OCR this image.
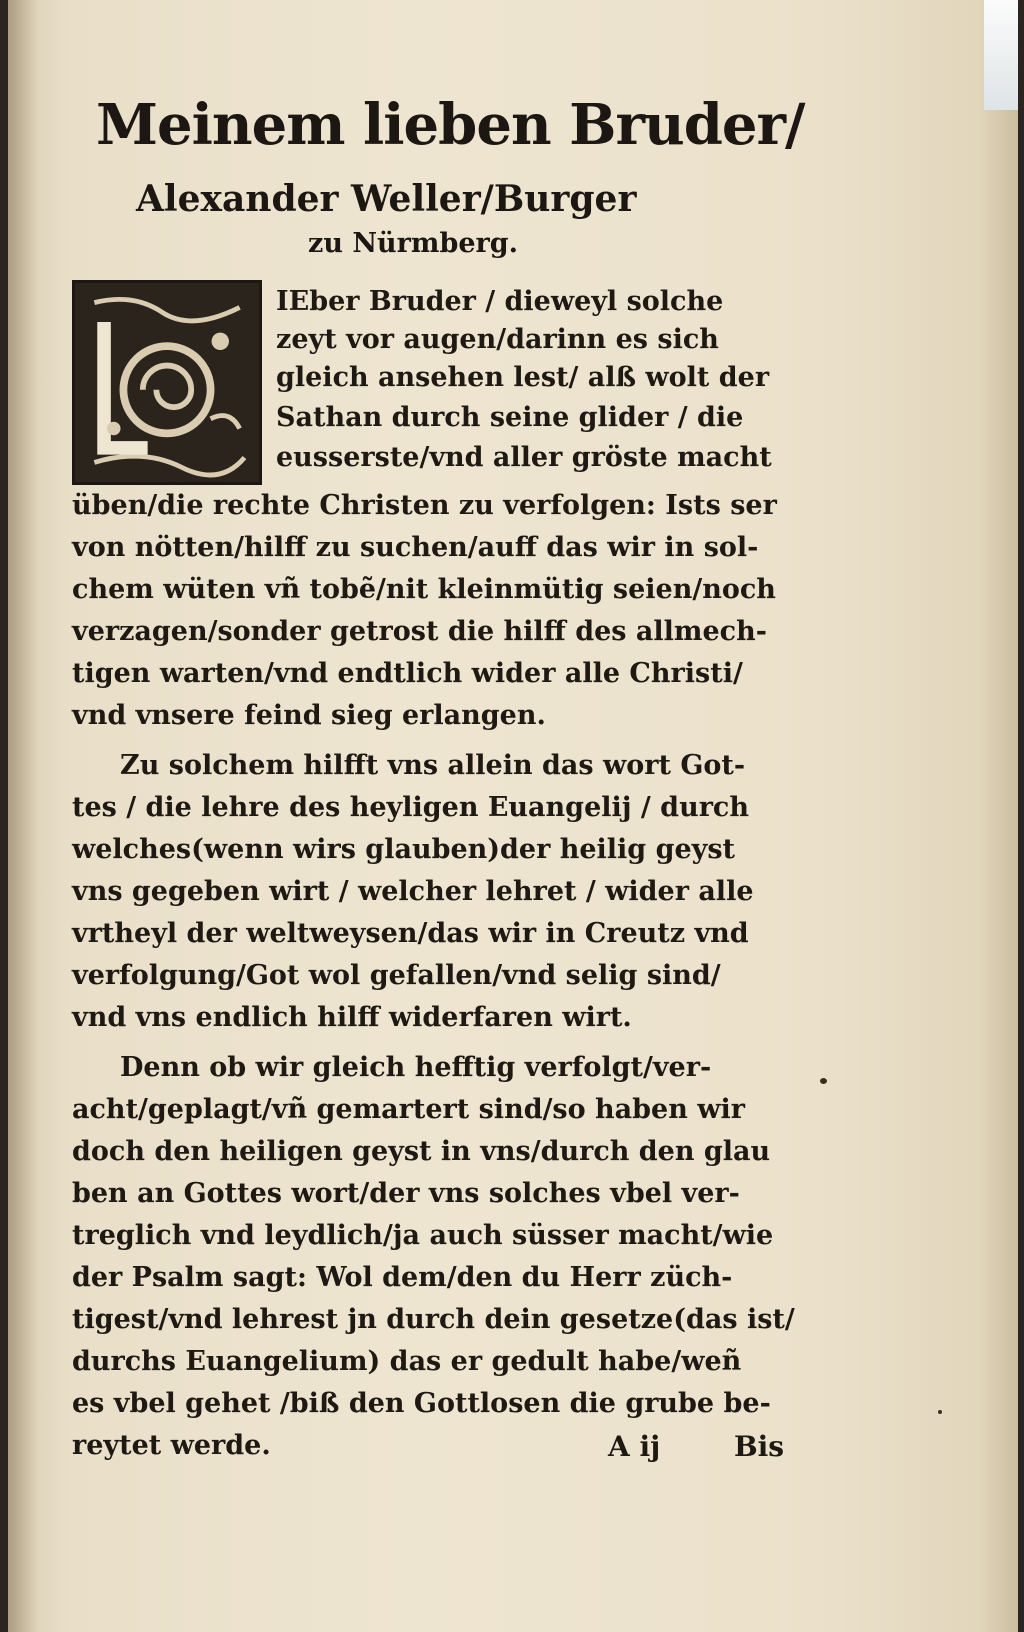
Meinem lieben Bruder/
Alexander Weller/Burger
zu Nürmberg.
IEber Bruder / dieweyl solche
zeyt vor augen/darinn es sich
gleich ansehen lest/ alß wolt der
Sathan durch seine glider / die
eusserste/vnd aller gröste macht
üben/die rechte Christen zu verfolgen: Ists ser
von nötten/hilff zu suchen/auff das wir in sol-
chem wüten vñ tobẽ/nit kleinmütig seien/noch
verzagen/sonder getrost die hilff des allmech-
tigen warten/vnd endtlich wider alle Christi/
vnd vnsere feind sieg erlangen.
Zu solchem hilfft vns allein das wort Got-
tes / die lehre des heyligen Euangelij / durch
welches(wenn wirs glauben)der heilig geyst
vns gegeben wirt / welcher lehret / wider alle
vrtheyl der weltweysen/das wir in Creutz vnd
verfolgung/Got wol gefallen/vnd selig sind/
vnd vns endlich hilff widerfaren wirt.
Denn ob wir gleich hefftig verfolgt/ver-
acht/geplagt/vñ gemartert sind/so haben wir
doch den heiligen geyst in vns/durch den glau
ben an Gottes wort/der vns solches vbel ver-
treglich vnd leydlich/ja auch süsser macht/wie
der Psalm sagt: Wol dem/den du Herr züch-
tigest/vnd lehrest jn durch dein gesetze(das ist/
durchs Euangelium) das er gedult habe/weñ
es vbel gehet /biß den Gottlosen die grube be-
reytet werde.	A ij	Bis
